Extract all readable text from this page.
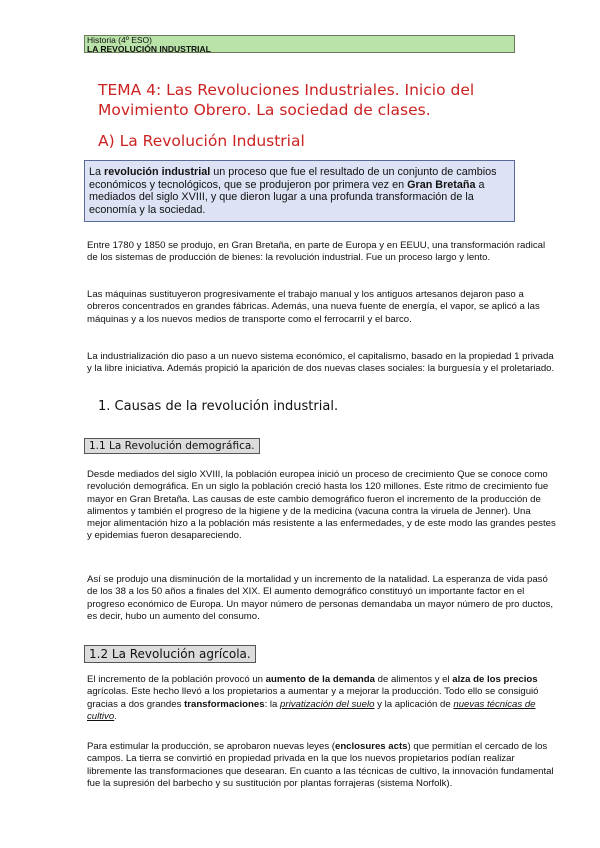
Historia (4º ESO)
LA REVOLUCIÓN INDUSTRIAL
TEMA 4: Las Revoluciones Industriales. Inicio del
Movimiento Obrero. La sociedad de clases.
A) La Revolución Industrial
La revolución industrial un proceso que fue el resultado de un conjunto de cambios económicos y tecnológicos, que se produjeron por primera vez en Gran Bretaña a mediados del siglo XVIII, y que dieron lugar a una profunda transformación de la economía y la sociedad.
Entre 1780 y 1850 se produjo, en Gran Bretaña, en parte de Europa y en EEUU, una transformación radical de los sistemas de producción de bienes: la revolución industrial. Fue un proceso largo y lento.
Las máquinas sustituyeron progresivamente el trabajo manual y los antiguos artesanos dejaron paso a obreros concentrados en grandes fábricas. Además, una nueva fuente de energía, el vapor, se aplicó a las máquinas y a los nuevos medios de transporte como el ferrocarril y el barco.
La industrialización dio paso a un nuevo sistema económico, el capitalismo, basado en la propiedad 1 privada y la libre iniciativa. Además propició la aparición de dos nuevas clases sociales: la burguesía y el proletariado.
1. Causas de la revolución industrial.
1.1 La Revolución demográfica.
Desde mediados del siglo XVIII, la población europea inició un proceso de crecimiento Que se conoce como revolución demográfica. En un siglo la población creció hasta los 120 millones. Este ritmo de crecimiento fue mayor en Gran Bretaña. Las causas de este cambio demográfico fueron el incremento de la producción de alimentos y también el progreso de la higiene y de la medicina (vacuna contra la viruela de Jenner). Una mejor alimentación hizo a la población más resistente a las enfermedades, y de este modo las grandes pestes y epidemias fueron desapareciendo.
Así se produjo una disminución de la mortalidad y un incremento de la natalidad. La esperanza de vida pasó de los 38 a los 50 años a finales del XIX. El aumento demográfico constituyó un importante factor en el progreso económico de Europa. Un mayor número de personas demandaba un mayor número de pro ductos, es decir, hubo un aumento del consumo.
1.2 La Revolución agrícola.
El incremento de la población provocó un aumento de la demanda de alimentos y el alza de los precios agrícolas. Este hecho llevó a los propietarios a aumentar y a mejorar la producción. Todo ello se consiguió gracias a dos grandes transformaciones: la privatización del suelo y la aplicación de nuevas técnicas de cultivo.
Para estimular la producción, se aprobaron nuevas leyes (enclosures acts) que permitían el cercado de los campos. La tierra se convirtió en propiedad privada en la que los nuevos propietarios podían realizar libremente las transformaciones que desearan. En cuanto a las técnicas de cultivo, la innovación fundamental fue la supresión del barbecho y su sustitución por plantas forrajeras (sistema Norfolk).
